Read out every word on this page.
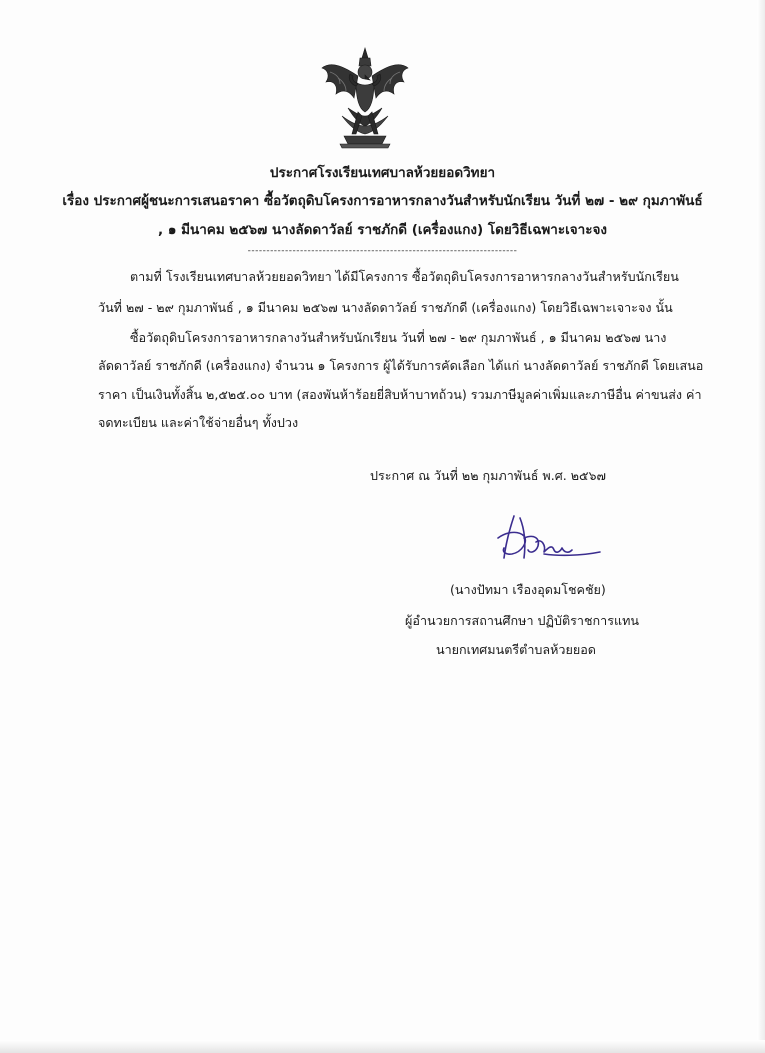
ประกาศโรงเรียนเทศบาลห้วยยอดวิทยา
เรื่อง ประกาศผู้ชนะการเสนอราคา ซื้อวัตถุดิบโครงการอาหารกลางวันสำหรับนักเรียน วันที่ ๒๗ - ๒๙ กุมภาพันธ์
, ๑ มีนาคม ๒๕๖๗ นางลัดดาวัลย์ ราชภักดี (เครื่องแกง) โดยวิธีเฉพาะเจาะจง
------------------------------------------------------------------------
ตามที่ โรงเรียนเทศบาลห้วยยอดวิทยา ได้มีโครงการ ซื้อวัตถุดิบโครงการอาหารกลางวันสำหรับนักเรียน
วันที่ ๒๗ - ๒๙ กุมภาพันธ์ , ๑ มีนาคม ๒๕๖๗ นางลัดดาวัลย์ ราชภักดี (เครื่องแกง) โดยวิธีเฉพาะเจาะจง นั้น
ซื้อวัตถุดิบโครงการอาหารกลางวันสำหรับนักเรียน วันที่ ๒๗ - ๒๙ กุมภาพันธ์ , ๑ มีนาคม ๒๕๖๗ นาง
ลัดดาวัลย์ ราชภักดี (เครื่องแกง) จำนวน ๑ โครงการ ผู้ได้รับการคัดเลือก ได้แก่ นางลัดดาวัลย์ ราชภักดี โดยเสนอ
ราคา เป็นเงินทั้งสิ้น ๒,๕๒๕.๐๐ บาท (สองพันห้าร้อยยี่สิบห้าบาทถ้วน) รวมภาษีมูลค่าเพิ่มและภาษีอื่น ค่าขนส่ง ค่า
จดทะเบียน และค่าใช้จ่ายอื่นๆ ทั้งปวง
ประกาศ ณ วันที่ ๒๒ กุมภาพันธ์ พ.ศ. ๒๕๖๗
(นางปัทมา เรืองอุดมโชคชัย)
ผู้อำนวยการสถานศึกษา ปฏิบัติราชการแทน
นายกเทศมนตรีตำบลห้วยยอด
